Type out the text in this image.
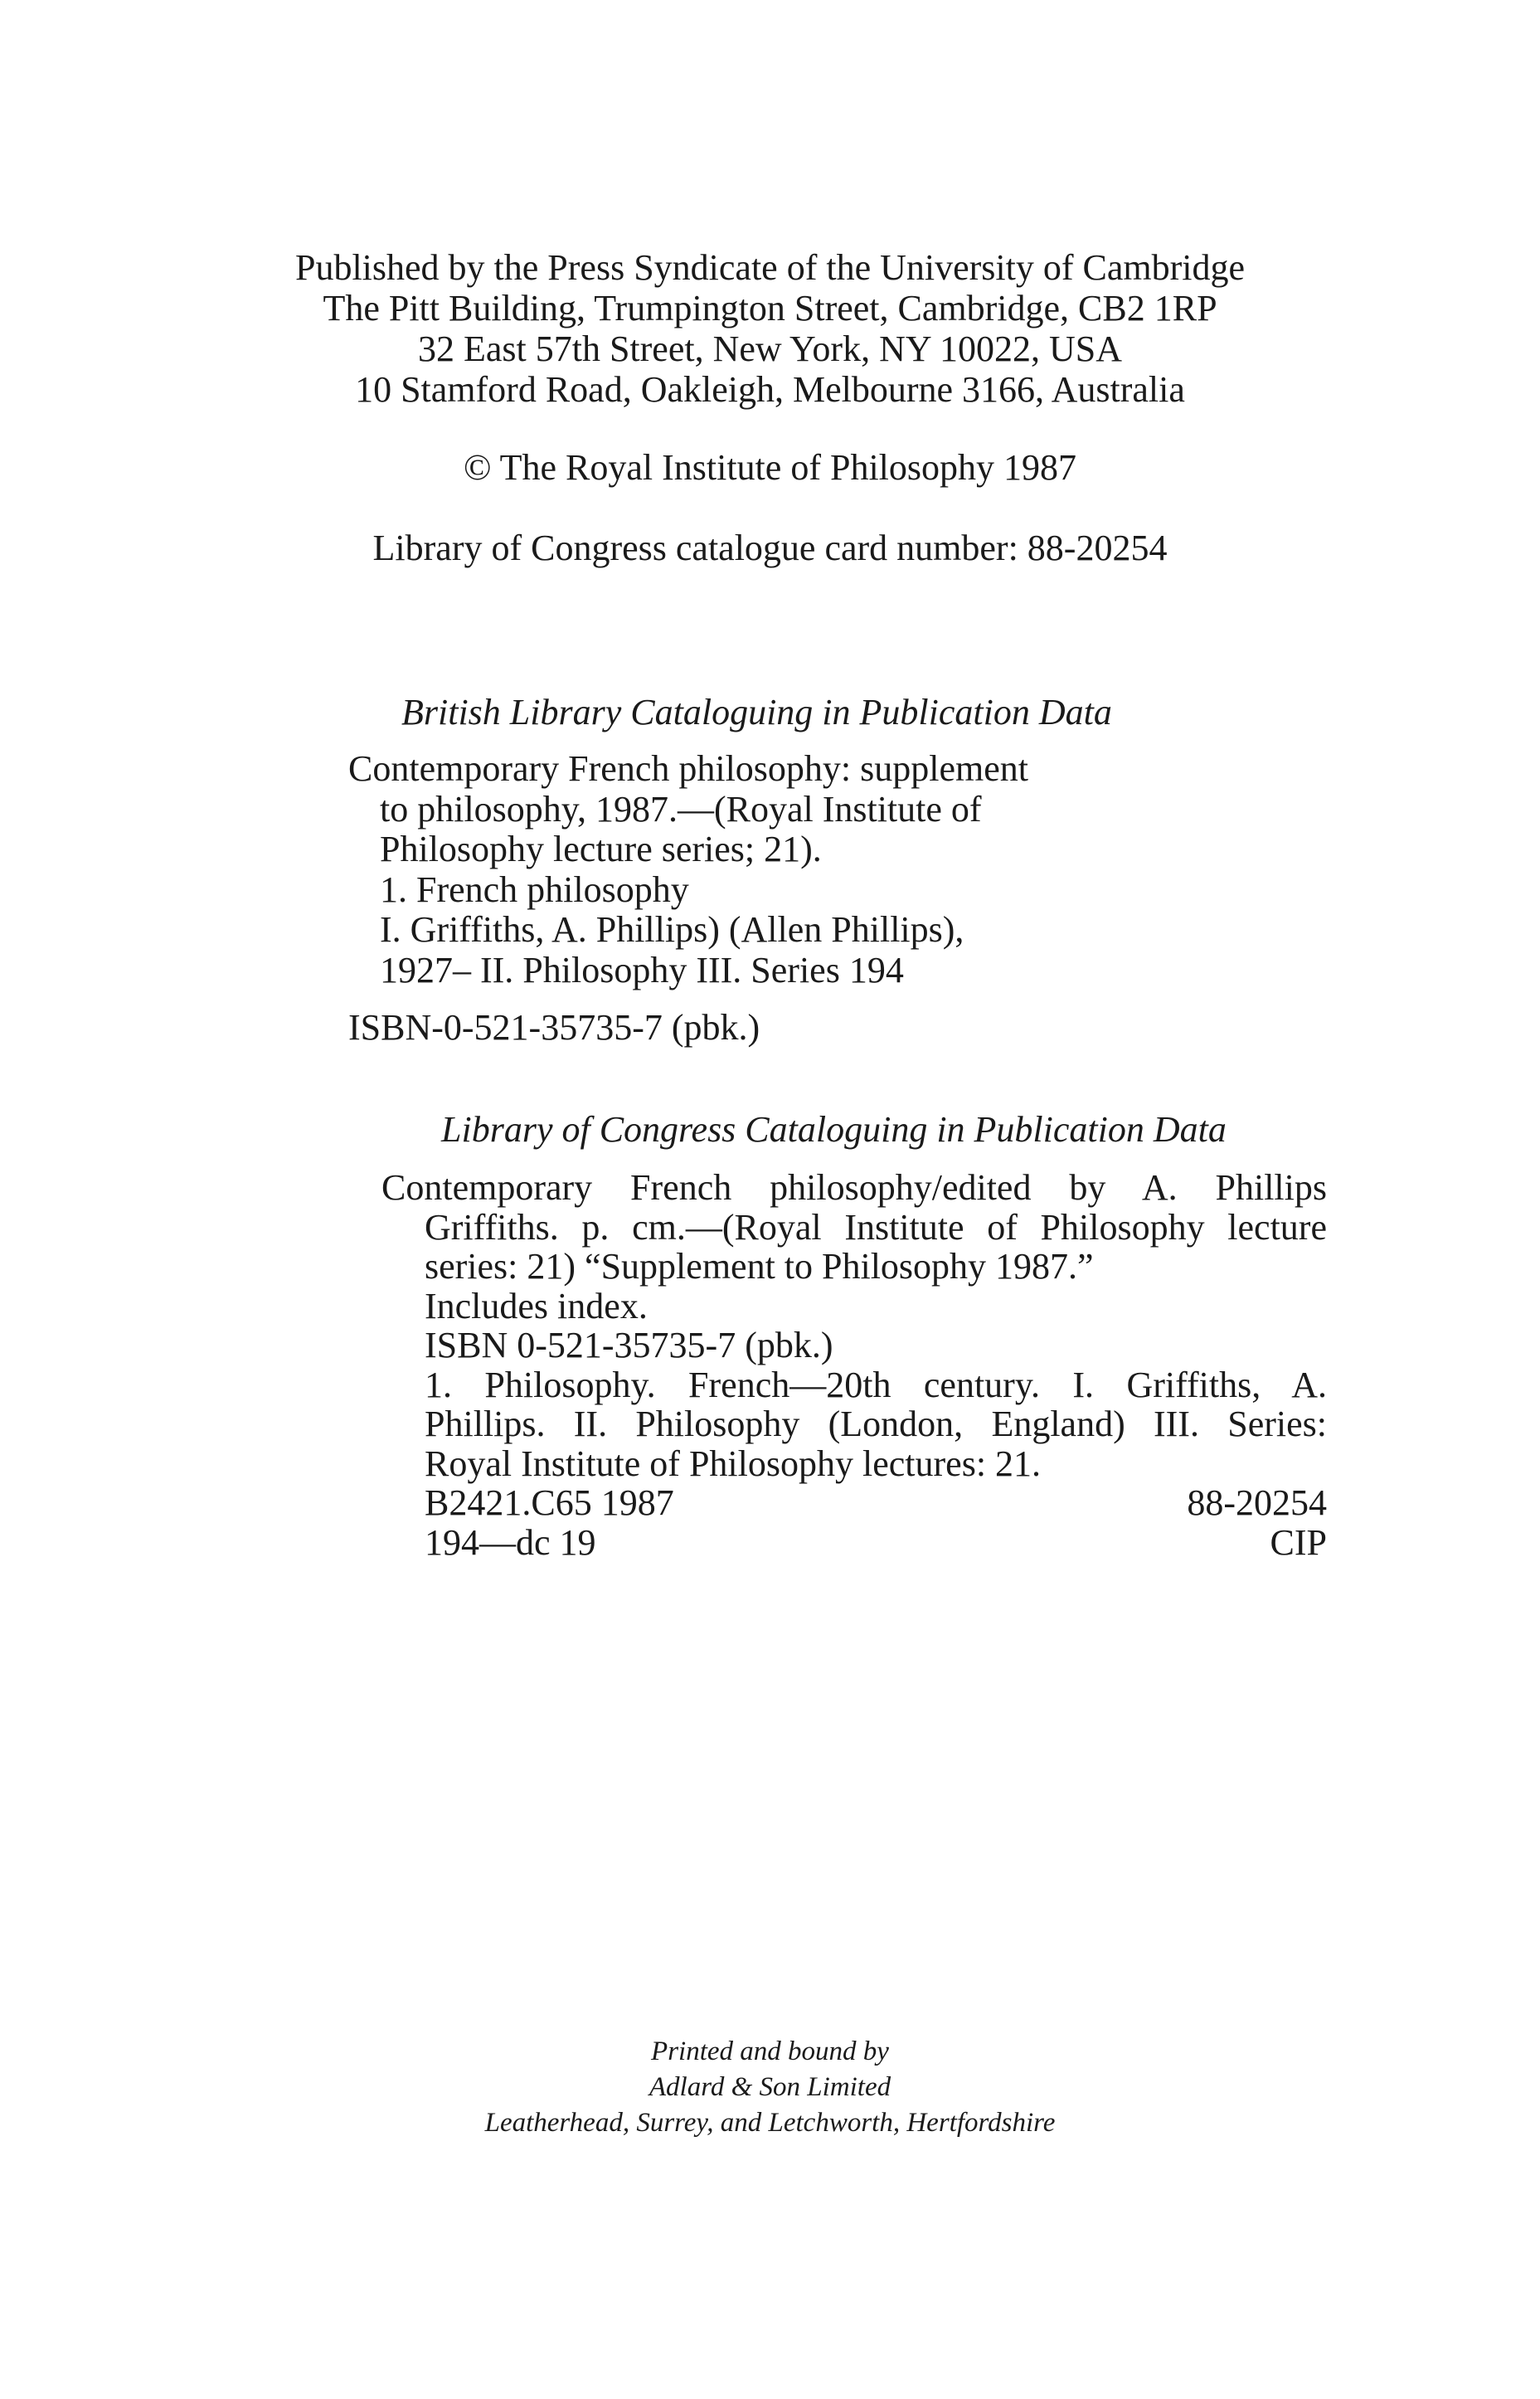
Published by the Press Syndicate of the University of Cambridge
The Pitt Building, Trumpington Street, Cambridge, CB2 1RP
32 East 57th Street, New York, NY 10022, USA
10 Stamford Road, Oakleigh, Melbourne 3166, Australia
© The Royal Institute of Philosophy 1987
Library of Congress catalogue card number: 88-20254
British Library Cataloguing in Publication Data
Contemporary French philosophy: supplement
to philosophy, 1987.—(Royal Institute of
Philosophy lecture series; 21).
1. French philosophy
I. Griffiths, A. Phillips) (Allen Phillips),
1927– II. Philosophy III. Series 194
ISBN-0-521-35735-7 (pbk.)
Library of Congress Cataloguing in Publication Data
Contemporary French philosophy/edited by A. Phillips
Griffiths. p. cm.—(Royal Institute of Philosophy lecture
series: 21) “Supplement to Philosophy 1987.”
Includes index.
ISBN 0-521-35735-7 (pbk.)
1. Philosophy. French—20th century. I. Griffiths, A.
Phillips. II. Philosophy (London, England) III. Series:
Royal Institute of Philosophy lectures: 21.
B2421.C65 1987	88-20254
194—dc 19	CIP
Printed and bound by
Adlard & Son Limited
Leatherhead, Surrey, and Letchworth, Hertfordshire
